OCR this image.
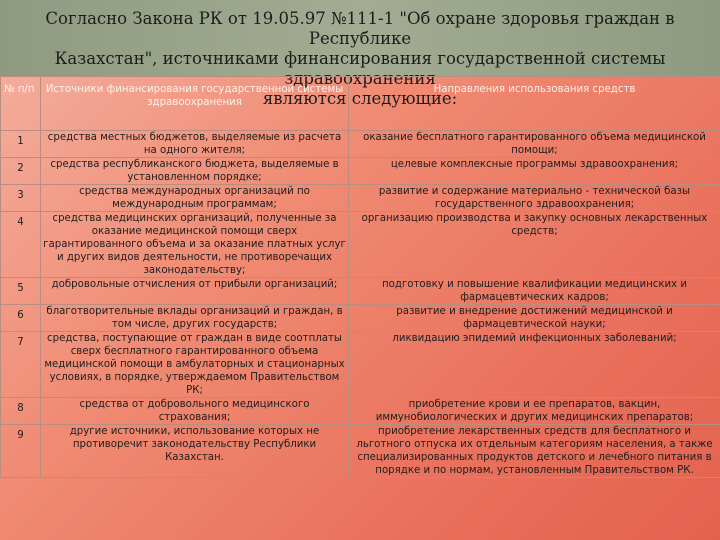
Согласно Закона РК от 19.05.97 №111-1 "Об охране здоровья граждан в Республике
Казахстан", источниками финансирования государственной системы здравоохранения
являются следующие:
№ п/п	Источники финансирования государственной системы здравоохранения	Направления использования средств
1	средства местных бюджетов, выделяемые из расчета на одного жителя;	оказание бесплатного гарантированного объема медицинской помощи;
2	средства республиканского бюджета, выделяемые в установленном порядке;	целевые комплексные программы здравоохранения;
3	средства международных организаций по международным программам;	развитие и содержание материально - технической базы государственного здравоохранения;
4	средства медицинских организаций, полученные за оказание медицинской помощи сверх гарантированного объема и за оказание платных услуг и других видов деятельности, не противоречащих законодательству;	организацию производства и закупку основных лекарственных средств;
5	добровольные отчисления от прибыли организаций;	подготовку и повышение квалификации медицинских и фармацевтических кадров;
6	благотворительные вклады организаций и граждан, в том числе, других государств;	развитие и внедрение достижений медицинской и фармацевтической науки;
7	средства, поступающие от граждан в виде соотплаты сверх бесплатного гарантированного объема медицинской помощи в амбулаторных и стационарных условиях, в порядке, утверждаемом Правительством РК;	ликвидацию эпидемий инфекционных заболеваний;
8	средства от добровольного медицинского страхования;	приобретение крови и ее препаратов, вакцин, иммунобиологических и других медицинских препаратов;
9	другие источники, использование которых не противоречит законодательству Республики Казахстан.	приобретение лекарственных средств для бесплатного и льготного отпуска их отдельным категориям населения, а также специализированных продуктов детского и лечебного питания в порядке и по нормам, установленным Правительством РК.
